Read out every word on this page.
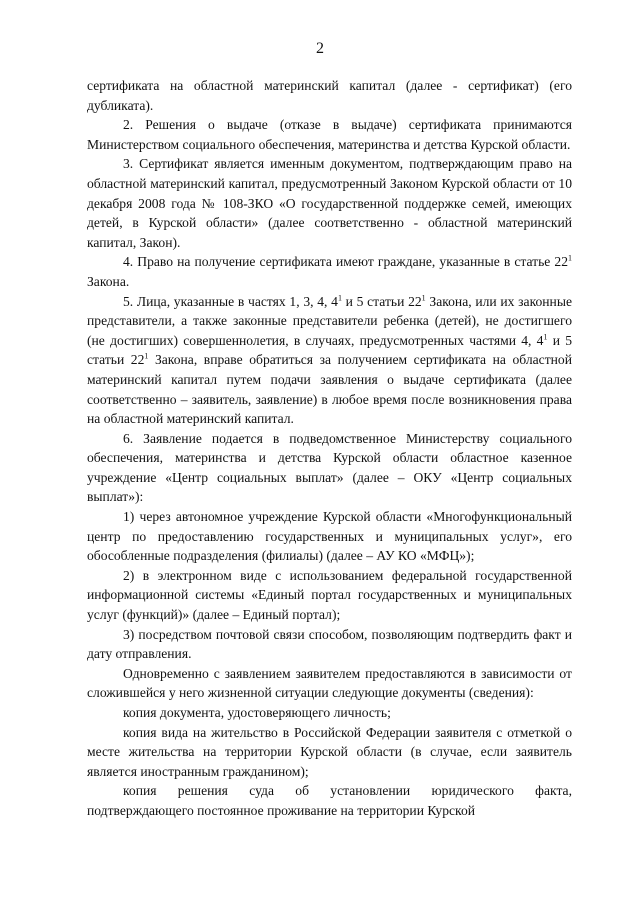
2

сертификата на областной материнский капитал (далее - сертификат) (его дубликата).

2. Решения о выдаче (отказе в выдаче) сертификата принимаются Министерством социального обеспечения, материнства и детства Курской области.

3. Сертификат является именным документом, подтверждающим право на областной материнский капитал, предусмотренный Законом Курской области от 10 декабря 2008 года № 108-ЗКО «О государственной поддержке семей, имеющих детей, в Курской области» (далее соответственно - областной материнский капитал, Закон).

4. Право на получение сертификата имеют граждане, указанные в статье $22^1$ Закона.

5. Лица, указанные в частях 1, 3, 4, $4^1$ и 5 статьи $22^1$ Закона, или их законные представители, а также законные представители ребенка (детей), не достигшего (не достигших) совершеннолетия, в случаях, предусмотренных частями 4, $4^1$ и 5 статьи $22^1$ Закона, вправе обратиться за получением сертификата на областной материнский капитал путем подачи заявления о выдаче сертификата (далее соответственно – заявитель, заявление) в любое время после возникновения права на областной материнский капитал.

6. Заявление подается в подведомственное Министерству социального обеспечения, материнства и детства Курской области областное казенное учреждение «Центр социальных выплат» (далее – ОКУ «Центр социальных выплат»):

1) через автономное учреждение Курской области «Многофункциональный центр по предоставлению государственных и муниципальных услуг», его обособленные подразделения (филиалы) (далее – АУ КО «МФЦ»);

2) в электронном виде с использованием федеральной государственной информационной системы «Единый портал государственных и муниципальных услуг (функций)» (далее – Единый портал);

3) посредством почтовой связи способом, позволяющим подтвердить факт и дату отправления.

Одновременно с заявлением заявителем предоставляются в зависимости от сложившейся у него жизненной ситуации следующие документы (сведения):

копия документа, удостоверяющего личность;

копия вида на жительство в Российской Федерации заявителя с отметкой о месте жительства на территории Курской области (в случае, если заявитель является иностранным гражданином);

копия решения суда об установлении юридического факта, подтверждающего постоянное проживание на территории Курской
